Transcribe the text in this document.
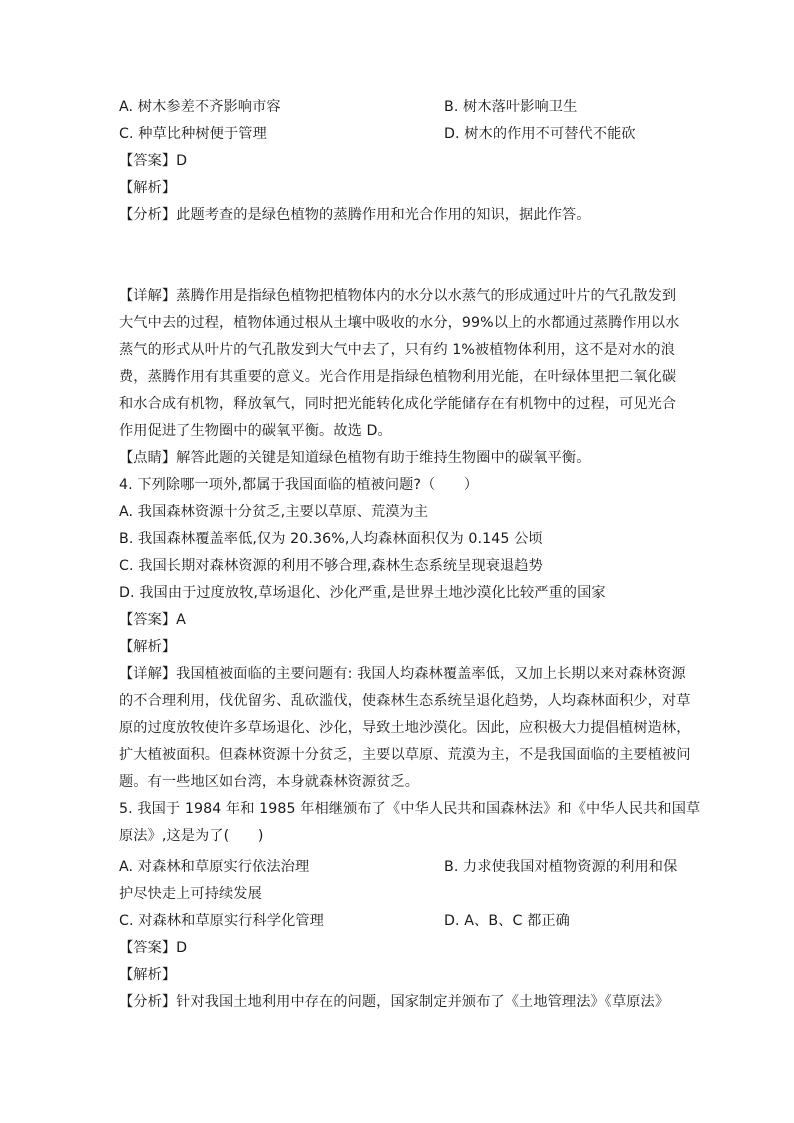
A. 树木参差不齐影响市容	B. 树木落叶影响卫生
C. 种草比种树便于管理	D. 树木的作用不可替代不能砍
【答案】D
【解析】
【分析】此题考查的是绿色植物的蒸腾作用和光合作用的知识，据此作答。
【详解】蒸腾作用是指绿色植物把植物体内的水分以水蒸气的形成通过叶片的气孔散发到
大气中去的过程，植物体通过根从土壤中吸收的水分，99%以上的水都通过蒸腾作用以水
蒸气的形式从叶片的气孔散发到大气中去了，只有约 1%被植物体利用，这不是对水的浪
费，蒸腾作用有其重要的意义。光合作用是指绿色植物利用光能，在叶绿体里把二氧化碳
和水合成有机物，释放氧气，同时把光能转化成化学能储存在有机物中的过程，可见光合
作用促进了生物圈中的碳氧平衡。故选 D。
【点睛】解答此题的关键是知道绿色植物有助于维持生物圈中的碳氧平衡。
4. 下列除哪一项外,都属于我国面临的植被问题?（　　）
A. 我国森林资源十分贫乏,主要以草原、荒漠为主
B. 我国森林覆盖率低,仅为 20.36%,人均森林面积仅为 0.145 公顷
C. 我国长期对森林资源的利用不够合理,森林生态系统呈现衰退趋势
D. 我国由于过度放牧,草场退化、沙化严重,是世界土地沙漠化比较严重的国家
【答案】A
【解析】
【详解】我国植被面临的主要问题有: 我国人均森林覆盖率低，又加上长期以来对森林资源
的不合理利用，伐优留劣、乱砍滥伐，使森林生态系统呈退化趋势，人均森林面积少，对草
原的过度放牧使许多草场退化、沙化，导致土地沙漠化。因此，应积极大力提倡植树造林，
扩大植被面积。但森林资源十分贫乏，主要以草原、荒漠为主，不是我国面临的主要植被问
题。有一些地区如台湾，本身就森林资源贫乏。
5. 我国于 1984 年和 1985 年相继颁布了《中华人民共和国森林法》和《中华人民共和国草
原法》,这是为了(　　)
A. 对森林和草原实行依法治理	B. 力求使我国对植物资源的利用和保
护尽快走上可持续发展
C. 对森林和草原实行科学化管理	D. A、B、C 都正确
【答案】D
【解析】
【分析】针对我国土地利用中存在的问题，国家制定并颁布了《土地管理法》《草原法》
